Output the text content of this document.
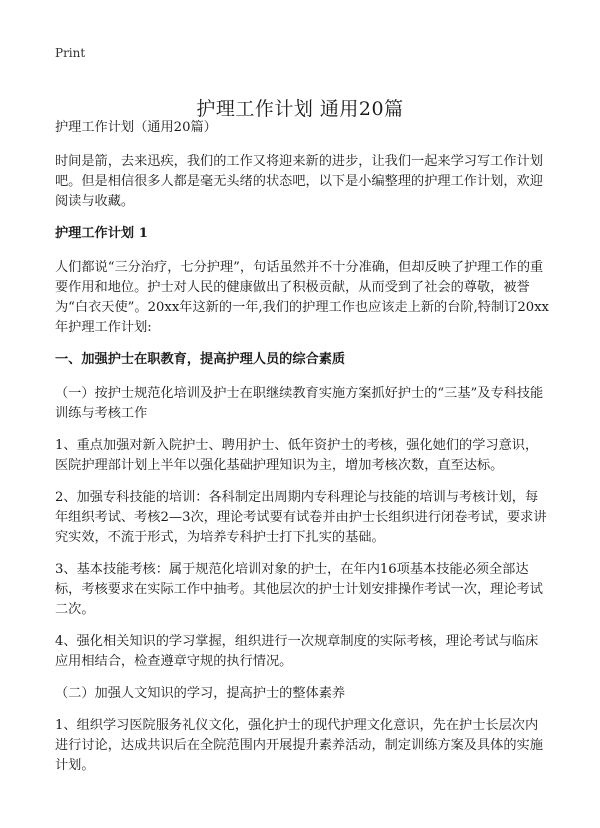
Print
护理工作计划 通用20篇

护理工作计划（通用20篇）

时间是箭，去来迅疾，我们的工作又将迎来新的进步，让我们一起来学习写工作计划吧。但是相信很多人都是毫无头绪的状态吧，以下是小编整理的护理工作计划，欢迎阅读与收藏。

护理工作计划 1

人们都说“三分治疗，七分护理”，句话虽然并不十分准确，但却反映了护理工作的重要作用和地位。护士对人民的健康做出了积极贡献，从而受到了社会的尊敬，被誉为“白衣天使”。20xx年这新的一年,我们的护理工作也应该走上新的台阶,特制订20xx年护理工作计划:

一、加强护士在职教育，提高护理人员的综合素质

（一）按护士规范化培训及护士在职继续教育实施方案抓好护士的“三基”及专科技能训练与考核工作

1、重点加强对新入院护士、聘用护士、低年资护士的考核，强化她们的学习意识，医院护理部计划上半年以强化基础护理知识为主，增加考核次数，直至达标。

2、加强专科技能的培训：各科制定出周期内专科理论与技能的培训与考核计划，每年组织考试、考核2—3次，理论考试要有试卷并由护士长组织进行闭卷考试，要求讲究实效，不流于形式，为培养专科护士打下扎实的基础。

3、基本技能考核：属于规范化培训对象的护士，在年内16项基本技能必须全部达标，考核要求在实际工作中抽考。其他层次的护士计划安排操作考试一次，理论考试二次。

4、强化相关知识的学习掌握，组织进行一次规章制度的实际考核，理论考试与临床应用相结合，检查遵章守规的执行情况。

（二）加强人文知识的学习，提高护士的整体素养

1、组织学习医院服务礼仪文化，强化护士的现代护理文化意识，先在护士长层次内进行讨论，达成共识后在全院范围内开展提升素养活动，制定训练方案及具体的实施计划。
